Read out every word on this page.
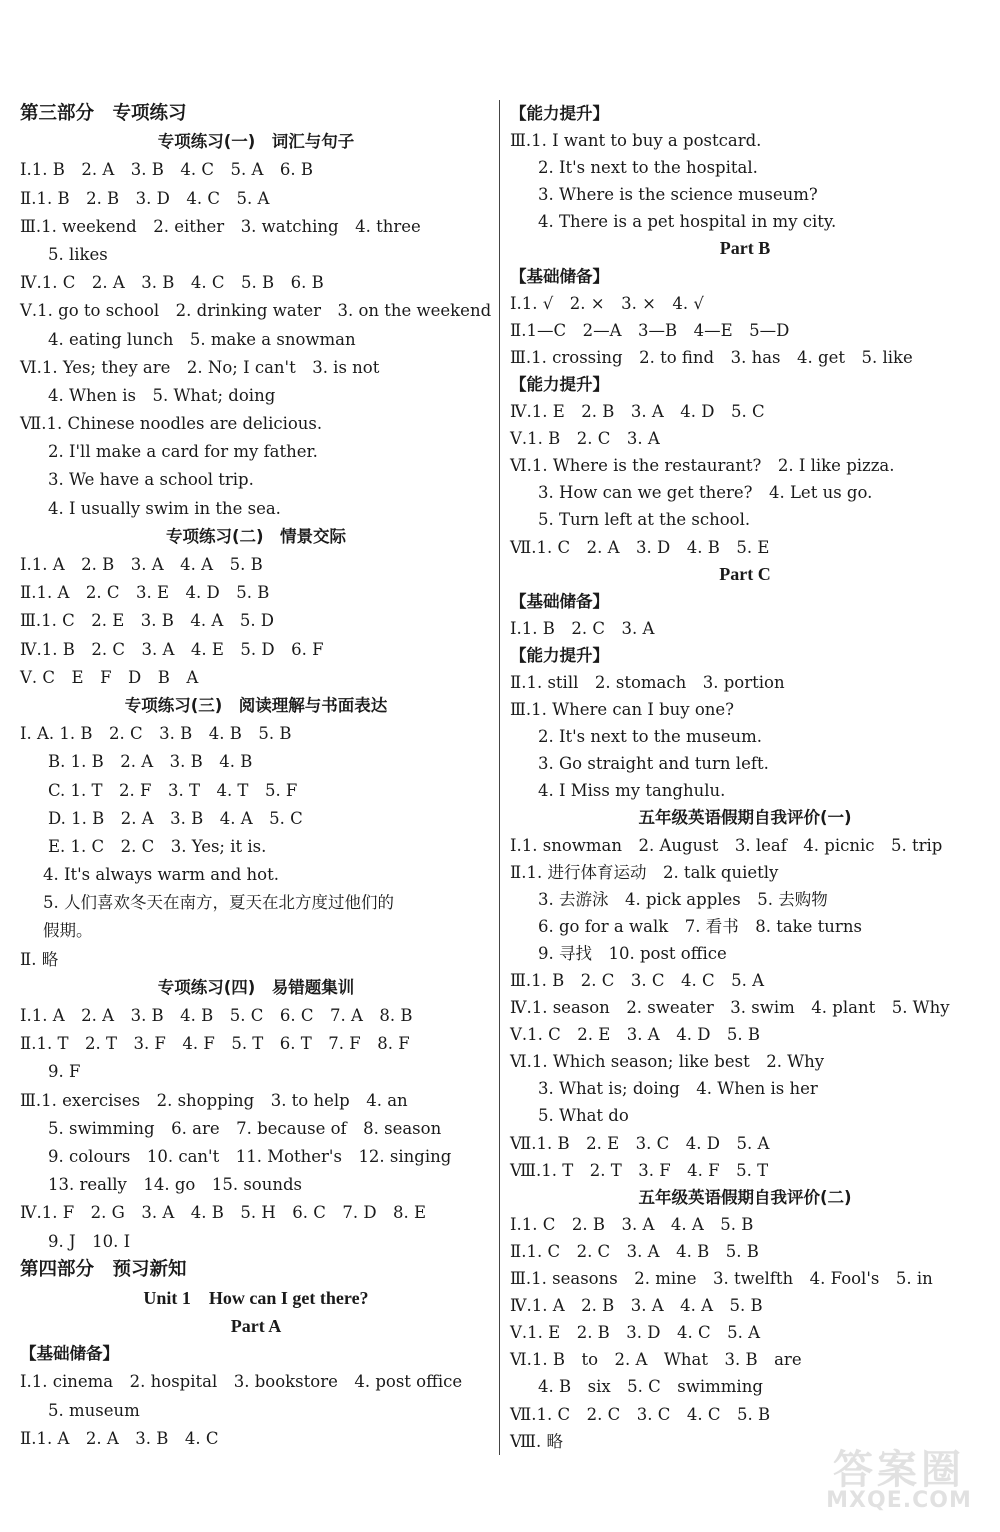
第三部分　专项练习
专项练习(一)　词汇与句子
Ⅰ.1. B　2. A　3. B　4. C　5. A　6. B
Ⅱ.1. B　2. B　3. D　4. C　5. A
Ⅲ.1. weekend　2. either　3. watching　4. three
5. likes
Ⅳ.1. C　2. A　3. B　4. C　5. B　6. B
Ⅴ.1. go to school　2. drinking water　3. on the weekend
4. eating lunch　5. make a snowman
Ⅵ.1. Yes; they are　2. No; I can't　3. is not
4. When is　5. What; doing
Ⅶ.1. Chinese noodles are delicious.
2. I'll make a card for my father.
3. We have a school trip.
4. I usually swim in the sea.
专项练习(二)　情景交际
Ⅰ.1. A　2. B　3. A　4. A　5. B
Ⅱ.1. A　2. C　3. E　4. D　5. B
Ⅲ.1. C　2. E　3. B　4. A　5. D
Ⅳ.1. B　2. C　3. A　4. E　5. D　6. F
Ⅴ. C　E　F　D　B　A
专项练习(三)　阅读理解与书面表达
Ⅰ. A. 1. B　2. C　3. B　4. B　5. B
B. 1. B　2. A　3. B　4. B
C. 1. T　2. F　3. T　4. T　5. F
D. 1. B　2. A　3. B　4. A　5. C
E. 1. C　2. C　3. Yes; it is.
4. It's always warm and hot.
5. 人们喜欢冬天在南方，夏天在北方度过他们的
假期。
Ⅱ. 略
专项练习(四)　易错题集训
Ⅰ.1. A　2. A　3. B　4. B　5. C　6. C　7. A　8. B
Ⅱ.1. T　2. T　3. F　4. F　5. T　6. T　7. F　8. F
9. F
Ⅲ.1. exercises　2. shopping　3. to help　4. an
5. swimming　6. are　7. because of　8. season
9. colours　10. can't　11. Mother's　12. singing
13. really　14. go　15. sounds
Ⅳ.1. F　2. G　3. A　4. B　5. H　6. C　7. D　8. E
9. J　10. I
第四部分　预习新知
Unit 1　How can I get there?
Part A
【基础储备】
Ⅰ.1. cinema　2. hospital　3. bookstore　4. post office
5. museum
Ⅱ.1. A　2. A　3. B　4. C
【能力提升】
Ⅲ.1. I want to buy a postcard.
2. It's next to the hospital.
3. Where is the science museum?
4. There is a pet hospital in my city.
Part B
【基础储备】
Ⅰ.1. √　2. ×　3. ×　4. √
Ⅱ.1—C　2—A　3—B　4—E　5—D
Ⅲ.1. crossing　2. to find　3. has　4. get　5. like
【能力提升】
Ⅳ.1. E　2. B　3. A　4. D　5. C
Ⅴ.1. B　2. C　3. A
Ⅵ.1. Where is the restaurant?　2. I like pizza.
3. How can we get there?　4. Let us go.
5. Turn left at the school.
Ⅶ.1. C　2. A　3. D　4. B　5. E
Part C
【基础储备】
Ⅰ.1. B　2. C　3. A
【能力提升】
Ⅱ.1. still　2. stomach　3. portion
Ⅲ.1. Where can I buy one?
2. It's next to the museum.
3. Go straight and turn left.
4. I Miss my tanghulu.
五年级英语假期自我评价(一)
Ⅰ.1. snowman　2. August　3. leaf　4. picnic　5. trip
Ⅱ.1. 进行体育运动　2. talk quietly
3. 去游泳　4. pick apples　5. 去购物
6. go for a walk　7. 看书　8. take turns
9. 寻找　10. post office
Ⅲ.1. B　2. C　3. C　4. C　5. A
Ⅳ.1. season　2. sweater　3. swim　4. plant　5. Why
Ⅴ.1. C　2. E　3. A　4. D　5. B
Ⅵ.1. Which season; like best　2. Why
3. What is; doing　4. When is her
5. What do
Ⅶ.1. B　2. E　3. C　4. D　5. A
Ⅷ.1. T　2. T　3. F　4. F　5. T
五年级英语假期自我评价(二)
Ⅰ.1. C　2. B　3. A　4. A　5. B
Ⅱ.1. C　2. C　3. A　4. B　5. B
Ⅲ.1. seasons　2. mine　3. twelfth　4. Fool's　5. in
Ⅳ.1. A　2. B　3. A　4. A　5. B
Ⅴ.1. E　2. B　3. D　4. C　5. A
Ⅵ.1. B　to　2. A　What　3. B　are
4. B　six　5. C　swimming
Ⅶ.1. C　2. C　3. C　4. C　5. B
Ⅷ. 略
答案圈
MXQE.COM
